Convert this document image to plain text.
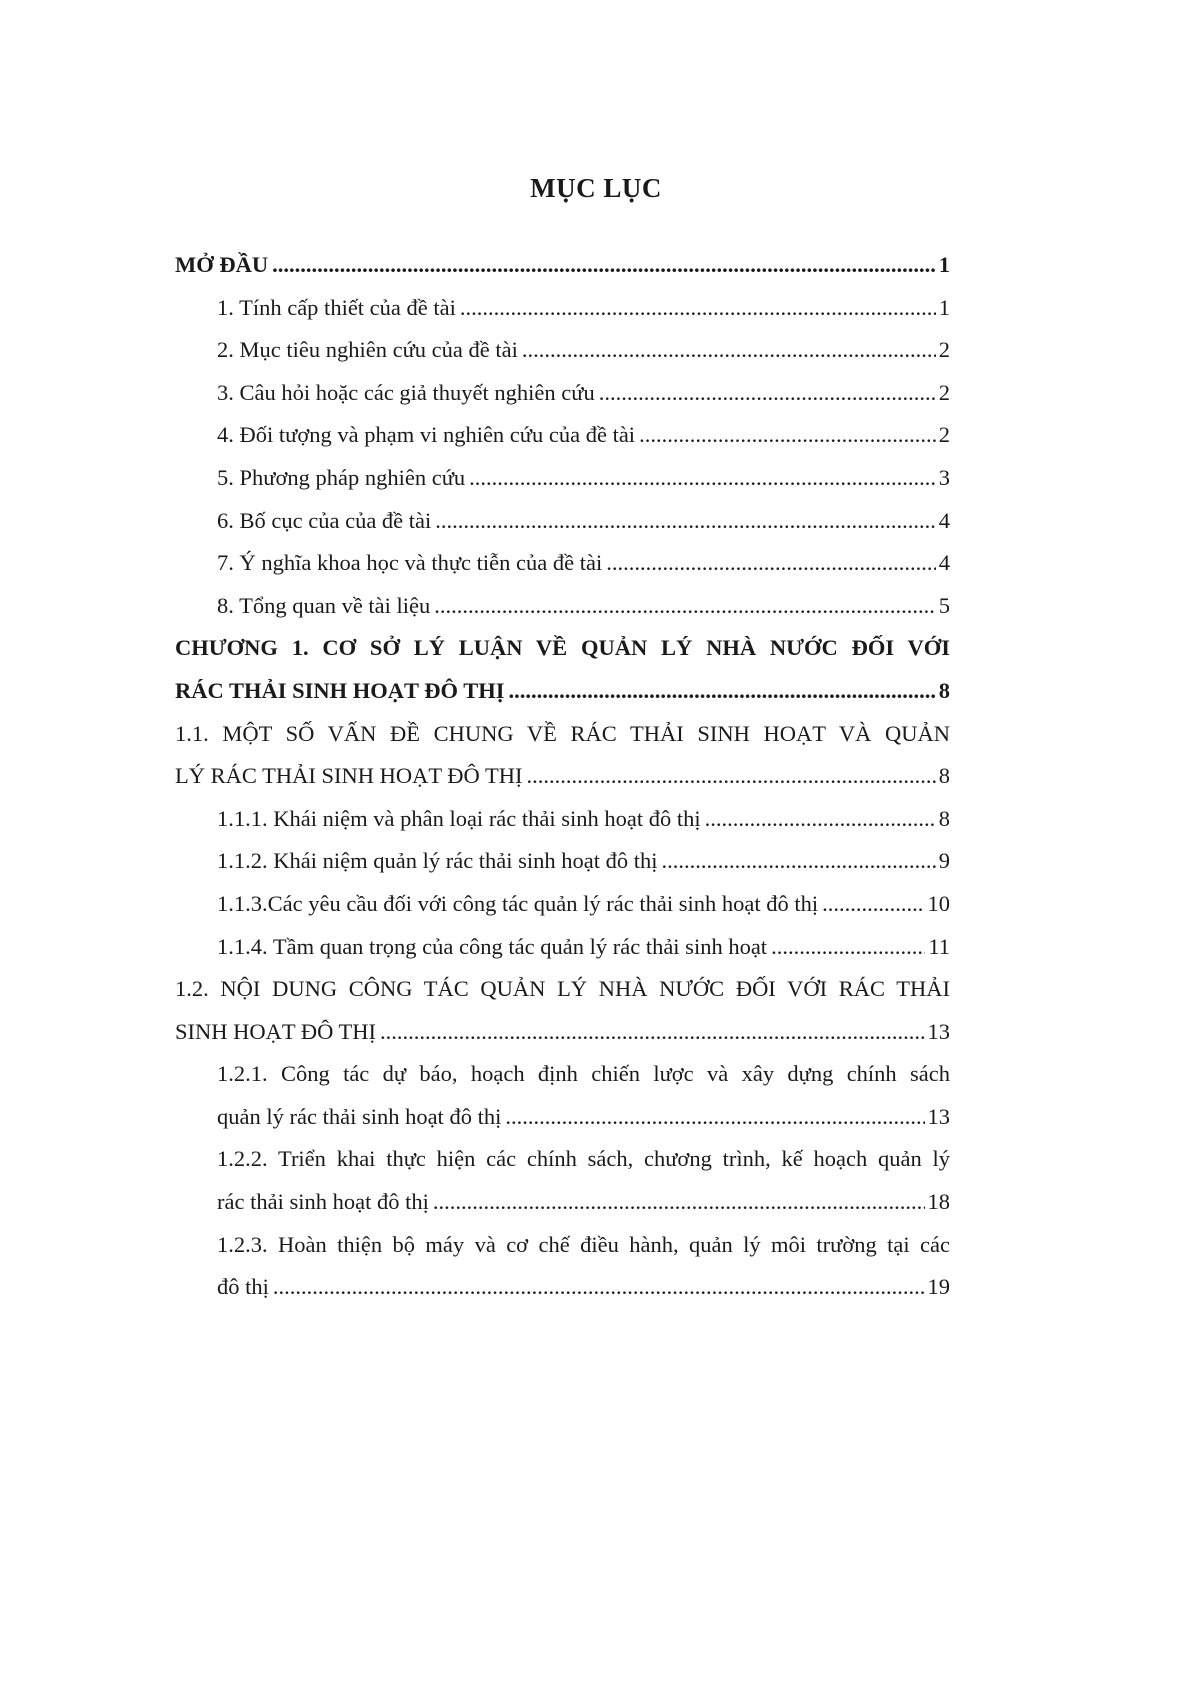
MỤC LỤC
MỞ ĐẦU .....	1
1. Tính cấp thiết của đề tài .....	1
2. Mục tiêu nghiên cứu của đề tài .....	2
3. Câu hỏi hoặc các giả thuyết nghiên cứu .....	2
4. Đối tượng và phạm vi nghiên cứu của đề tài .....	2
5. Phương pháp nghiên cứu .....	3
6. Bố cục của của đề tài .....	4
7. Ý nghĩa khoa học và thực tiễn của đề tài .....	4
8. Tổng quan về tài liệu .....	5
CHƯƠNG 1. CƠ SỞ LÝ LUẬN VỀ QUẢN LÝ NHÀ NƯỚC ĐỐI VỚI
RÁC THẢI SINH HOẠT ĐÔ THỊ .....	8
1.1. MỘT SỐ VẤN ĐỀ CHUNG VỀ RÁC THẢI SINH HOẠT VÀ QUẢN
LÝ RÁC THẢI SINH HOẠT ĐÔ THỊ .....	8
1.1.1. Khái niệm và phân loại rác thải sinh hoạt đô thị .....	8
1.1.2. Khái niệm quản lý rác thải sinh hoạt đô thị .....	9
1.1.3.Các yêu cầu đối với công tác quản lý rác thải sinh hoạt đô thị .....	10
1.1.4. Tầm quan trọng của công tác quản lý rác thải sinh hoạt .....	11
1.2. NỘI DUNG CÔNG TÁC QUẢN LÝ NHÀ NƯỚC ĐỐI VỚI RÁC THẢI
SINH HOẠT ĐÔ THỊ .....	13
1.2.1. Công tác dự báo, hoạch định chiến lược và xây dựng chính sách
quản lý rác thải sinh hoạt đô thị .....	13
1.2.2. Triển khai thực hiện các chính sách, chương trình, kế hoạch quản lý
rác thải sinh hoạt đô thị .....	18
1.2.3. Hoàn thiện bộ máy và cơ chế điều hành, quản lý môi trường tại các
đô thị .....	19
